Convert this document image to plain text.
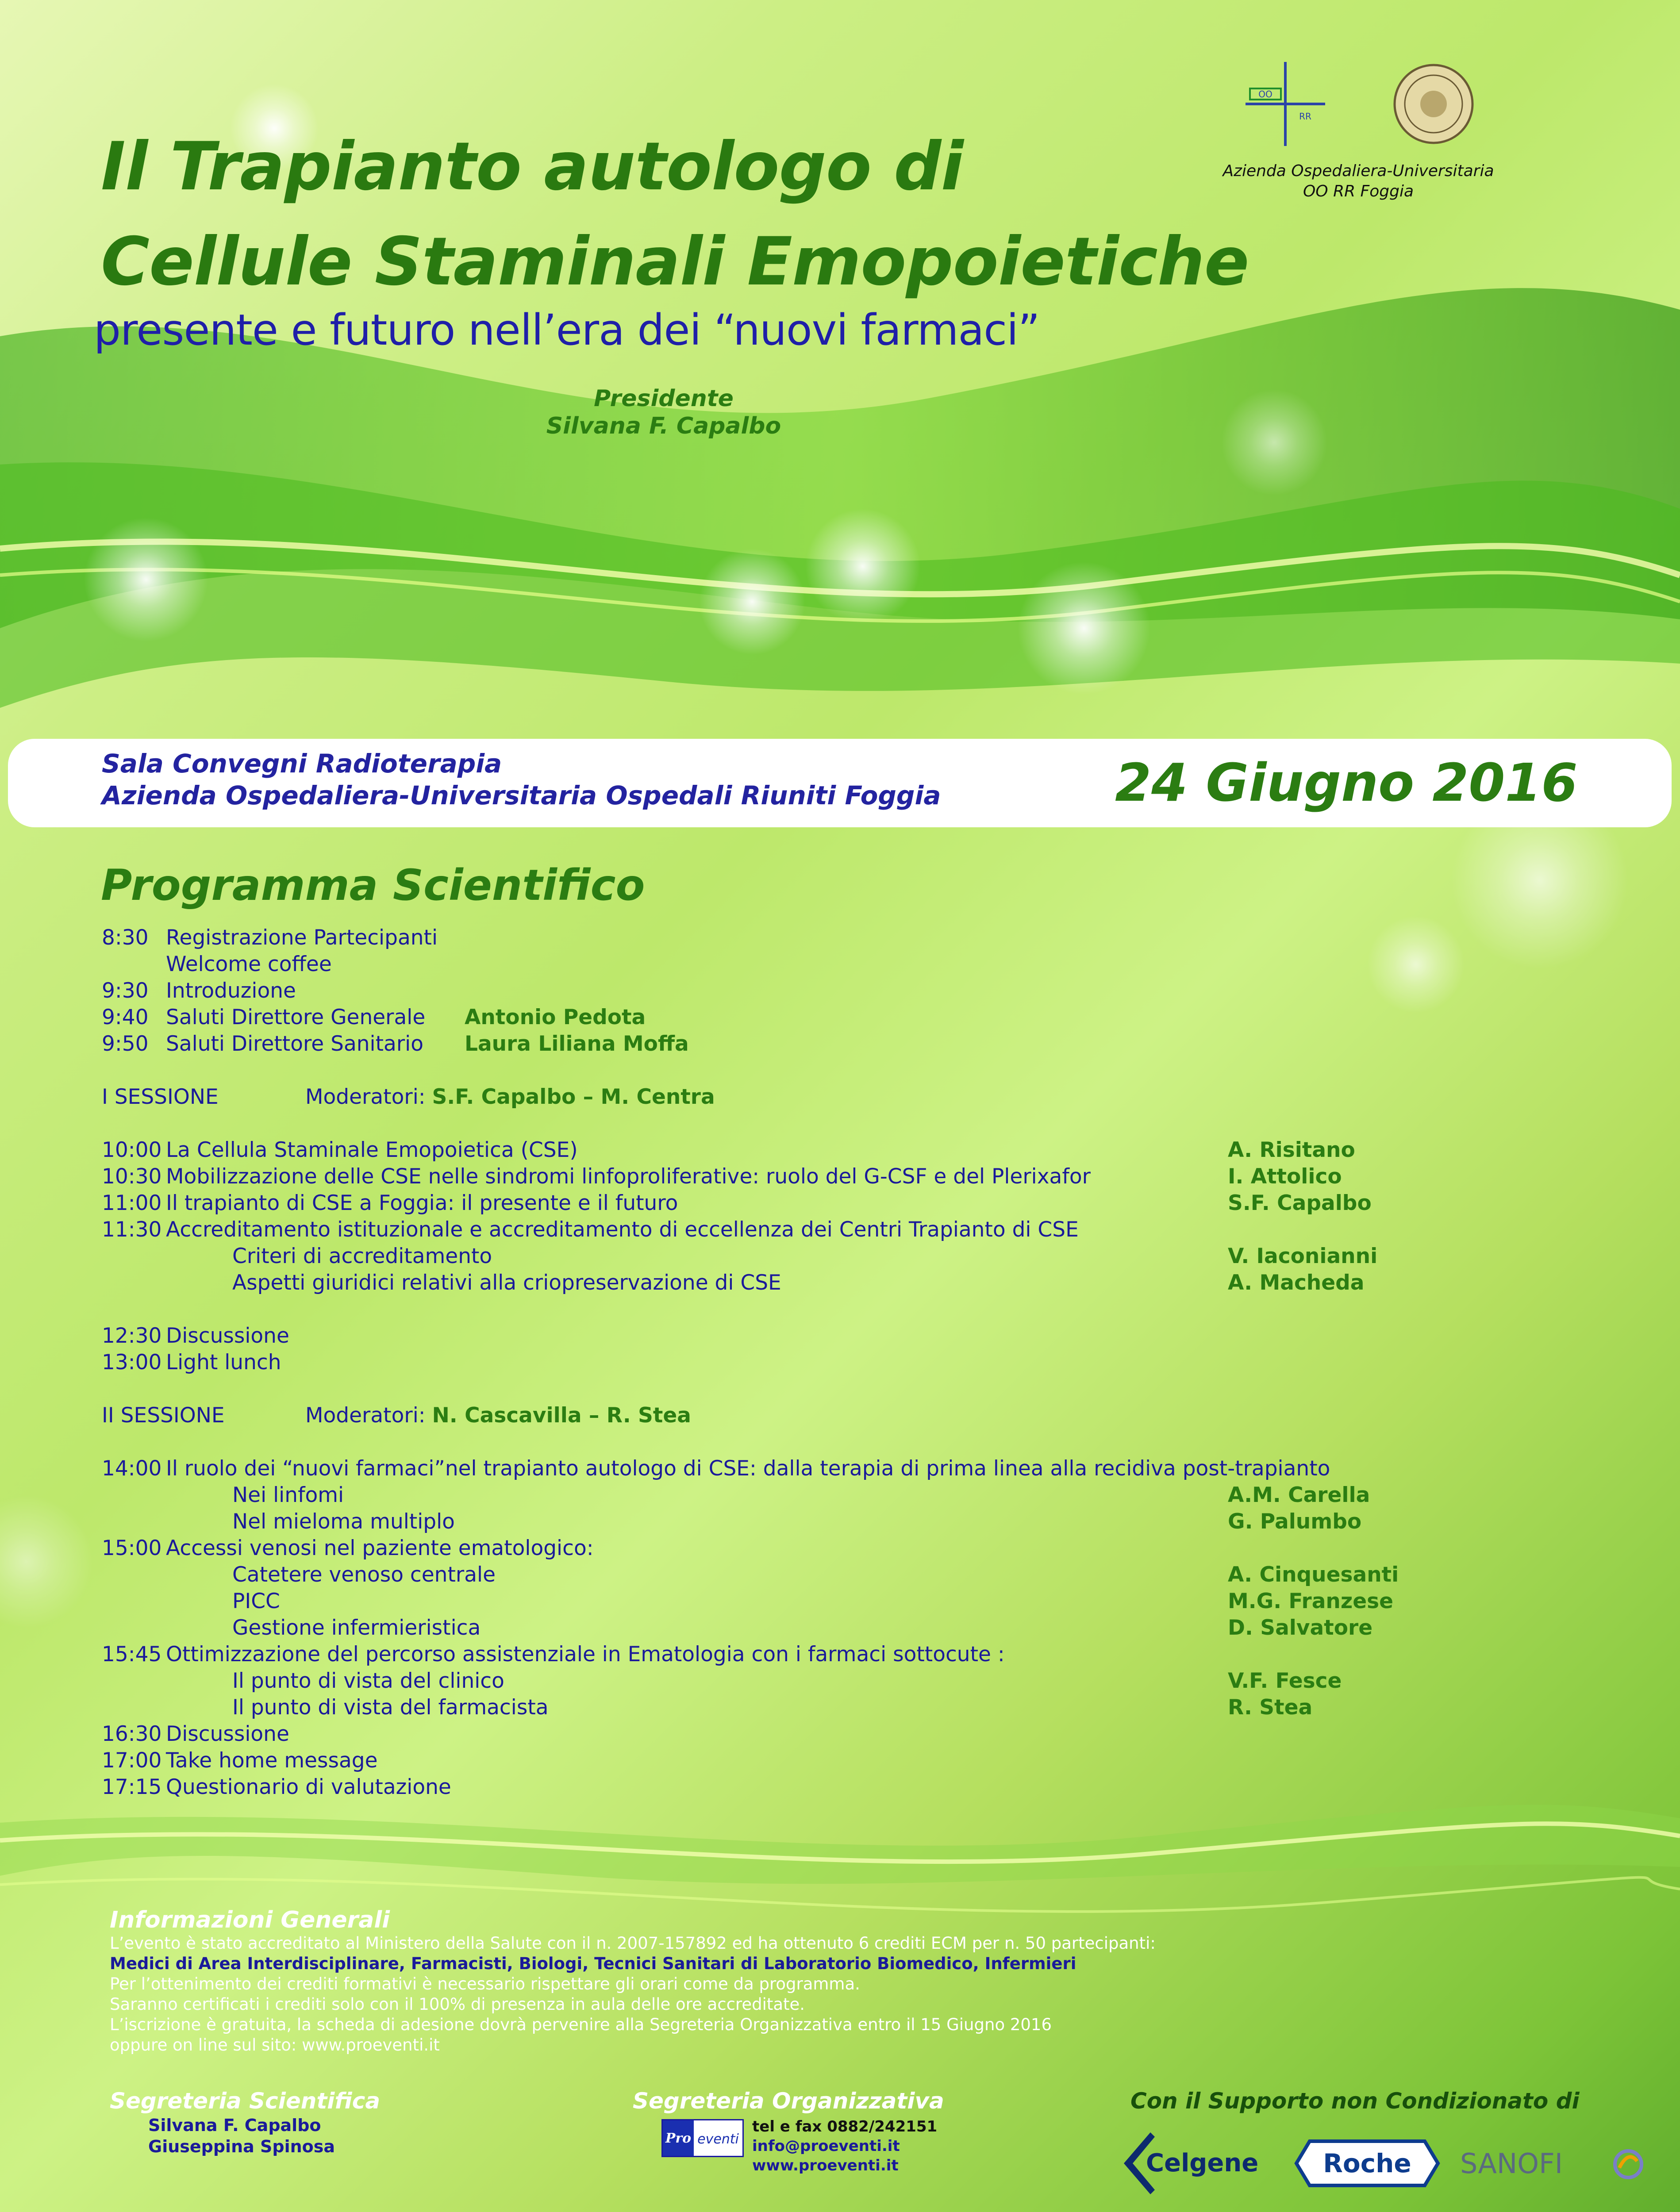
OO
RR
Azienda Ospedaliera-Universitaria
OO RR Foggia
Il Trapianto autologo di
Cellule Staminali Emopoietiche
presente e futuro nell’era dei “nuovi farmaci”
Presidente
Silvana F. Capalbo
Sala Convegni Radioterapia
Azienda Ospedaliera-Universitaria Ospedali Riuniti Foggia	24 Giugno 2016
Programma Scientifico
8:30 Registrazione Partecipanti
Welcome coffee
9:30 Introduzione
9:40 Saluti Direttore Generale Antonio Pedota
9:50 Saluti Direttore Sanitario Laura Liliana Moffa
I SESSIONE	Moderatori: S.F. Capalbo – M. Centra
10:00 La Cellula Staminale Emopoietica (CSE)	A. Risitano
10:30 Mobilizzazione delle CSE nelle sindromi linfoproliferative: ruolo del G-CSF e del Plerixafor	I. Attolico
11:00 Il trapianto di CSE a Foggia: il presente e il futuro	S.F. Capalbo
11:30 Accreditamento istituzionale e accreditamento di eccellenza dei Centri Trapianto di CSE
Criteri di accreditamento	V. Iaconianni
Aspetti giuridici relativi alla criopreservazione di CSE	A. Macheda
12:30 Discussione
13:00 Light lunch
II SESSIONE	Moderatori: N. Cascavilla – R. Stea
14:00 Il ruolo dei “nuovi farmaci”nel trapianto autologo di CSE: dalla terapia di prima linea alla recidiva post-trapianto
Nei linfomi	A.M. Carella
Nel mieloma multiplo	G. Palumbo
15:00 Accessi venosi nel paziente ematologico:
Catetere venoso centrale	A. Cinquesanti
PICC	M.G. Franzese
Gestione infermieristica	D. Salvatore
15:45 Ottimizzazione del percorso assistenziale in Ematologia con i farmaci sottocute :
Il punto di vista del clinico	V.F. Fesce
Il punto di vista del farmacista	R. Stea
16:30 Discussione
17:00 Take home message
17:15 Questionario di valutazione
Informazioni Generali
L’evento è stato accreditato al Ministero della Salute con il n. 2007-157892 ed ha ottenuto 6 crediti ECM per n. 50 partecipanti:
Medici di Area Interdisciplinare, Farmacisti, Biologi, Tecnici Sanitari di Laboratorio Biomedico, Infermieri
Per l’ottenimento dei crediti formativi è necessario rispettare gli orari come da programma.
Saranno certificati i crediti solo con il 100% di presenza in aula delle ore accreditate.
L’iscrizione è gratuita, la scheda di adesione dovrà pervenire alla Segreteria Organizzativa entro il 15 Giugno 2016
oppure on line sul sito: www.proeventi.it
Segreteria Scientifica
Silvana F. Capalbo
Giuseppina Spinosa
Segreteria Organizzativa
Pro eventi
tel e fax 0882/242151
info@proeventi.it
www.proeventi.it
Con il Supporto non Condizionato di
Celgene	Roche SANOFI
